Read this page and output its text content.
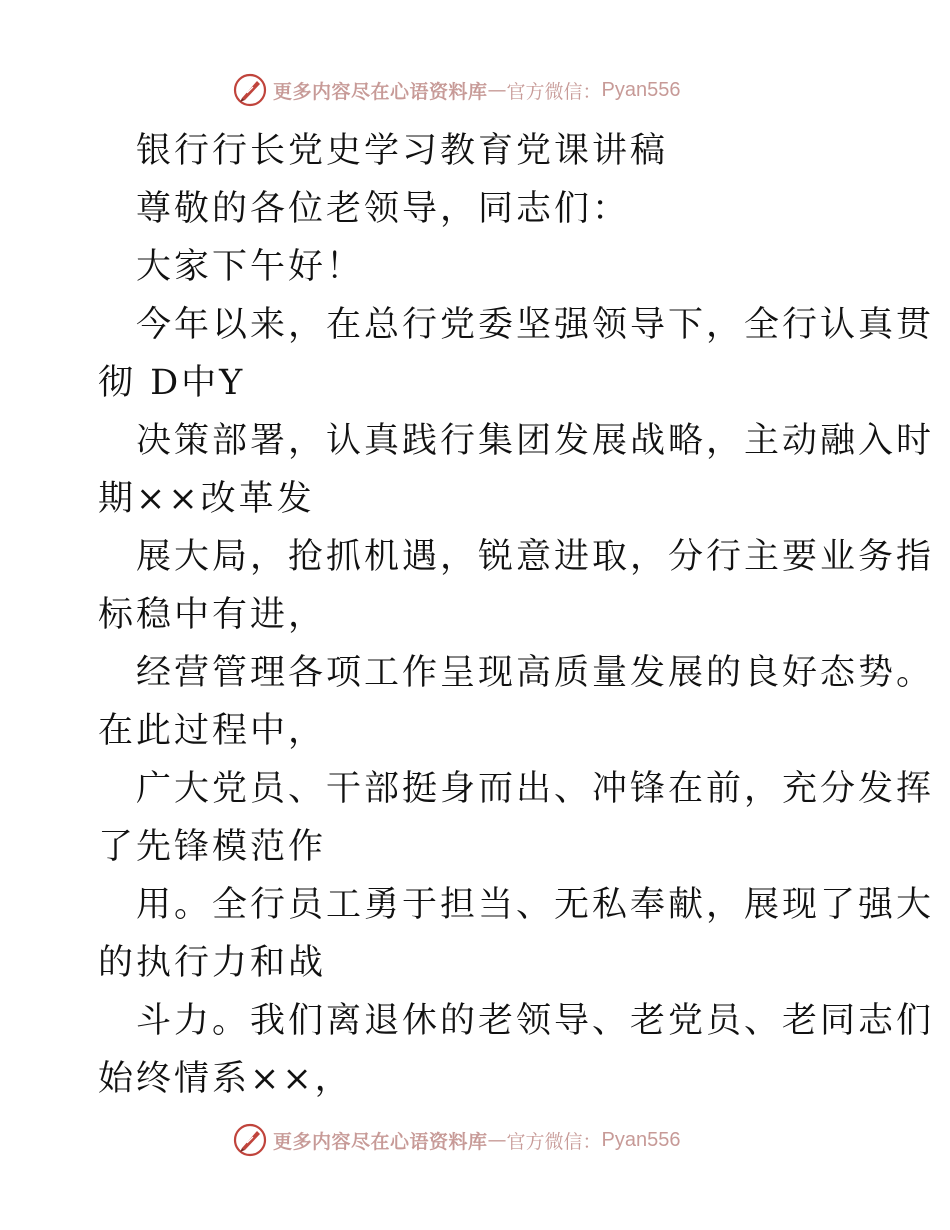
更多内容尽在心语资料库 — 官方微信： Pyan556
银行行长党史学习教育党课讲稿
尊敬的各位老领导，同志们：
大家下午好！
今年以来，在总行党委坚强领导下，全行认真贯
彻 D中Y
决策部署，认真践行集团发展战略，主动融入时
期××改革发
展大局，抢抓机遇，锐意进取，分行主要业务指
标稳中有进，
经营管理各项工作呈现高质量发展的良好态势。
在此过程中，
广大党员、干部挺身而出、冲锋在前，充分发挥
了先锋模范作
用。全行员工勇于担当、无私奉献，展现了强大
的执行力和战
斗力。我们离退休的老领导、老党员、老同志们
始终情系××，
更多内容尽在心语资料库 — 官方微信： Pyan556
